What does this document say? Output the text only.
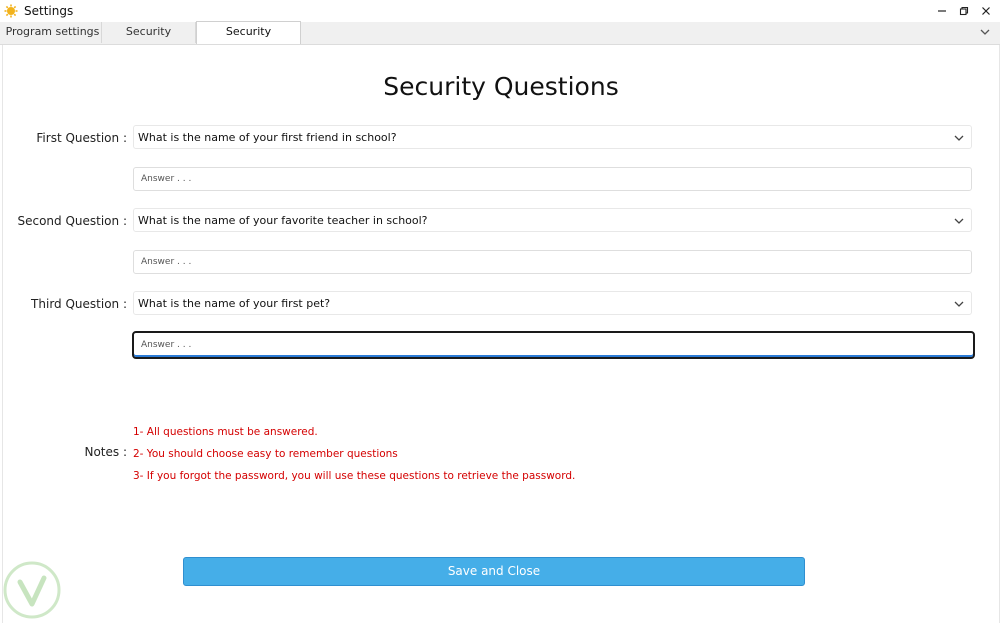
Settings
Program settings	Security	Security
Security Questions
First Question : What is the name of your first friend in school?
Answer . . .
Second Question : What is the name of your favorite teacher in school?
Answer . . .
Third Question : What is the name of your first pet?
Answer . . .
Notes :
1- All questions must be answered.
2- You should choose easy to remember questions
3- If you forgot the password, you will use these questions to retrieve the password.
Save and Close
